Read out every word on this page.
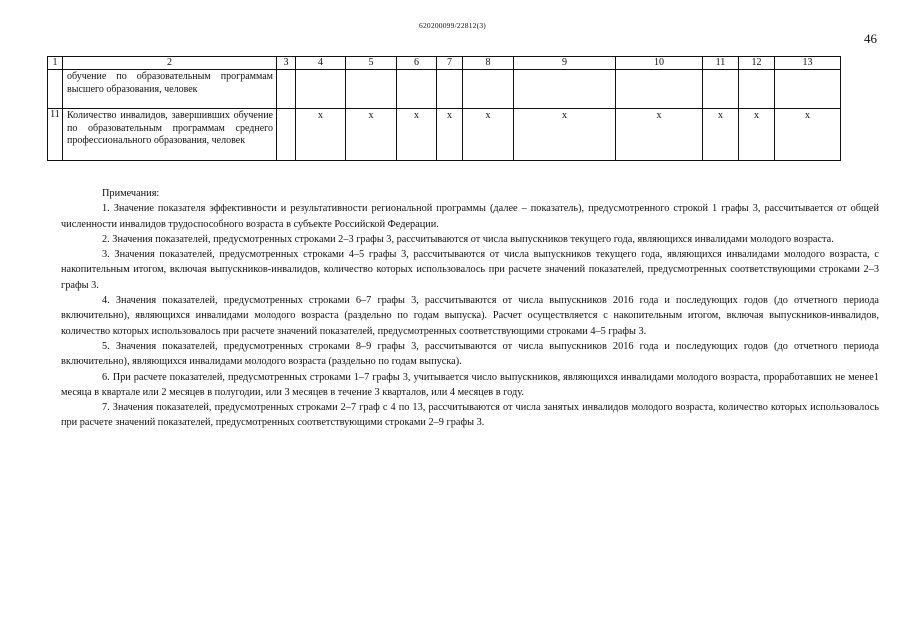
620200099/22812(3)
46
1	2	3	4	5	6	7	8	9	10	11	12	13
	обучение по образовательным программам высшего образования, человек											
11	Количество инвалидов, завершивших обучение по образовательным программам среднего профессионального образования, человек		x	x	x	x	x	x	x	x	x	x

Примечания:

1. Значение показателя эффективности и результативности региональной программы (далее – показатель), предусмотренного строкой 1 графы 3, рассчитывается от общей численности инвалидов трудоспособного возраста в субъекте Российской Федерации.

2. Значения показателей, предусмотренных строками 2–3 графы 3, рассчитываются от числа выпускников текущего года, являющихся инвалидами молодого возраста.

3. Значения показателей, предусмотренных строками 4–5 графы 3, рассчитываются от числа выпускников текущего года, являющихся инвалидами молодого возраста, с накопительным итогом, включая выпускников-инвалидов, количество которых использовалось при расчете значений показателей, предусмотренных соответствующими строками 2–3 графы 3.

4. Значения показателей, предусмотренных строками 6–7 графы 3, рассчитываются от числа выпускников 2016 года и последующих годов (до отчетного периода включительно), являющихся инвалидами молодого возраста (раздельно по годам выпуска). Расчет осуществляется с накопительным итогом, включая выпускников-инвалидов, количество которых использовалось при расчете значений показателей, предусмотренных соответствующими строками 4–5 графы 3.

5. Значения показателей, предусмотренных строками 8–9 графы 3, рассчитываются от числа выпускников 2016 года и последующих годов (до отчетного периода включительно), являющихся инвалидами молодого возраста (раздельно по годам выпуска).

6. При расчете показателей, предусмотренных строками 1–7 графы 3, учитывается число выпускников, являющихся инвалидами молодого возраста, проработавших не менее1 месяца в квартале или 2 месяцев в полугодии, или 3 месяцев в течение 3 кварталов, или 4 месяцев в году.

7. Значения показателей, предусмотренных строками 2–7 граф с 4 по 13, рассчитываются от числа занятых инвалидов молодого возраста, количество которых использовалось при расчете значений показателей, предусмотренных соответствующими строками 2–9 графы 3.
